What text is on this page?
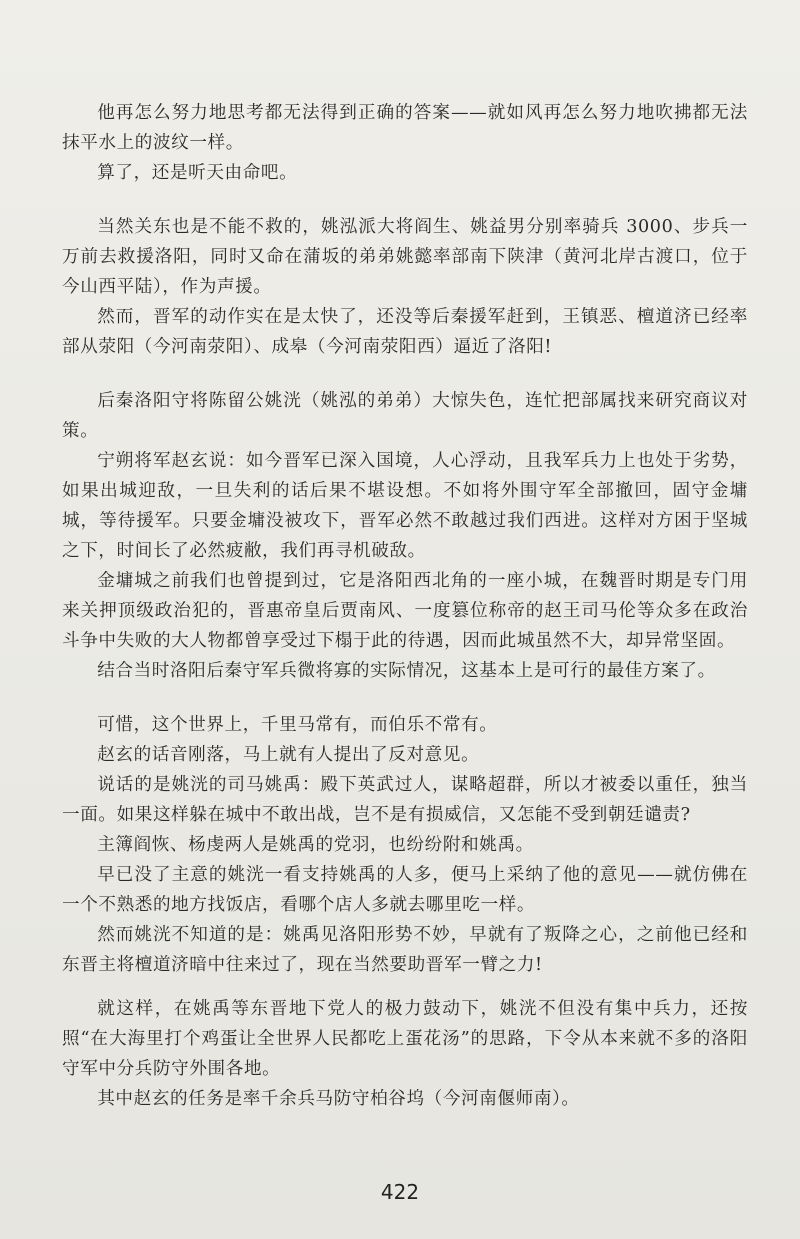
他再怎么努力地思考都无法得到正确的答案——就如风再怎么努力地吹拂都无法抹平水上的波纹一样。

算了，还是听天由命吧。

当然关东也是不能不救的，姚泓派大将阎生、姚益男分别率骑兵 3000、步兵一万前去救援洛阳，同时又命在蒲坂的弟弟姚懿率部南下陕津（黄河北岸古渡口，位于今山西平陆），作为声援。

然而，晋军的动作实在是太快了，还没等后秦援军赶到，王镇恶、檀道济已经率部从荥阳（今河南荥阳）、成皋（今河南荥阳西）逼近了洛阳!

后秦洛阳守将陈留公姚洸（姚泓的弟弟）大惊失色，连忙把部属找来研究商议对策。

宁朔将军赵玄说：如今晋军已深入国境，人心浮动，且我军兵力上也处于劣势，如果出城迎敌，一旦失利的话后果不堪设想。不如将外围守军全部撤回，固守金墉城，等待援军。只要金墉没被攻下，晋军必然不敢越过我们西进。这样对方困于坚城之下，时间长了必然疲敝，我们再寻机破敌。

金墉城之前我们也曾提到过，它是洛阳西北角的一座小城，在魏晋时期是专门用来关押顶级政治犯的，晋惠帝皇后贾南风、一度篡位称帝的赵王司马伦等众多在政治斗争中失败的大人物都曾享受过下榻于此的待遇，因而此城虽然不大，却异常坚固。

结合当时洛阳后秦守军兵微将寡的实际情况，这基本上是可行的最佳方案了。

可惜，这个世界上，千里马常有，而伯乐不常有。

赵玄的话音刚落，马上就有人提出了反对意见。

说话的是姚洸的司马姚禹：殿下英武过人，谋略超群，所以才被委以重任，独当一面。如果这样躲在城中不敢出战，岂不是有损威信，又怎能不受到朝廷谴责?

主簿阎恢、杨虔两人是姚禹的党羽，也纷纷附和姚禹。

早已没了主意的姚洸一看支持姚禹的人多，便马上采纳了他的意见——就仿佛在一个不熟悉的地方找饭店，看哪个店人多就去哪里吃一样。

然而姚洸不知道的是：姚禹见洛阳形势不妙，早就有了叛降之心，之前他已经和东晋主将檀道济暗中往来过了，现在当然要助晋军一臂之力!

就这样，在姚禹等东晋地下党人的极力鼓动下，姚洸不但没有集中兵力，还按照“在大海里打个鸡蛋让全世界人民都吃上蛋花汤”的思路，下令从本来就不多的洛阳守军中分兵防守外围各地。

其中赵玄的任务是率千余兵马防守柏谷坞（今河南偃师南）。

422
